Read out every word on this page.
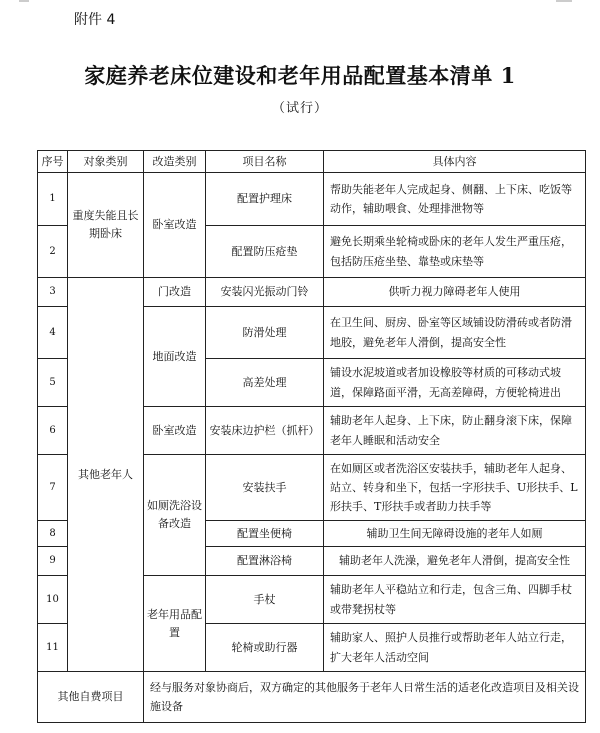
附件 4
家庭养老床位建设和老年用品配置基本清单 1
（试行）
序号	对象类别	改造类别	项目名称	具体内容
1	重度失能且长期卧床	卧室改造	配置护理床	帮助失能老年人完成起身、侧翻、上下床、吃饭等动作，辅助喂食、处理排泄物等
2			配置防压疮垫	避免长期乘坐轮椅或卧床的老年人发生严重压疮，包括防压疮坐垫、靠垫或床垫等
3	其他老年人	门改造	安装闪光振动门铃	供听力视力障碍老年人使用
4		地面改造	防滑处理	在卫生间、厨房、卧室等区域铺设防滑砖或者防滑地胶，避免老年人滑倒，提高安全性
5			高差处理	铺设水泥坡道或者加设橡胶等材质的可移动式坡道，保障路面平滑，无高差障碍，方便轮椅进出
6		卧室改造	安装床边护栏（抓杆）	辅助老年人起身、上下床，防止翻身滚下床，保障老年人睡眠和活动安全
7		如厕洗浴设备改造	安装扶手	在如厕区或者洗浴区安装扶手，辅助老年人起身、站立、转身和坐下，包括一字形扶手、U形扶手、L形扶手、T形扶手或者助力扶手等
8			配置坐便椅	辅助卫生间无障碍设施的老年人如厕
9			配置淋浴椅	辅助老年人洗澡，避免老年人滑倒，提高安全性
10		老年用品配置	手杖	辅助老年人平稳站立和行走，包含三角、四脚手杖或带凳拐杖等
11			轮椅或助行器	辅助家人、照护人员推行或帮助老年人站立行走，扩大老年人活动空间
其他自费项目		经与服务对象协商后，双方确定的其他服务于老年人日常生活的适老化改造项目及相关设施设备		
